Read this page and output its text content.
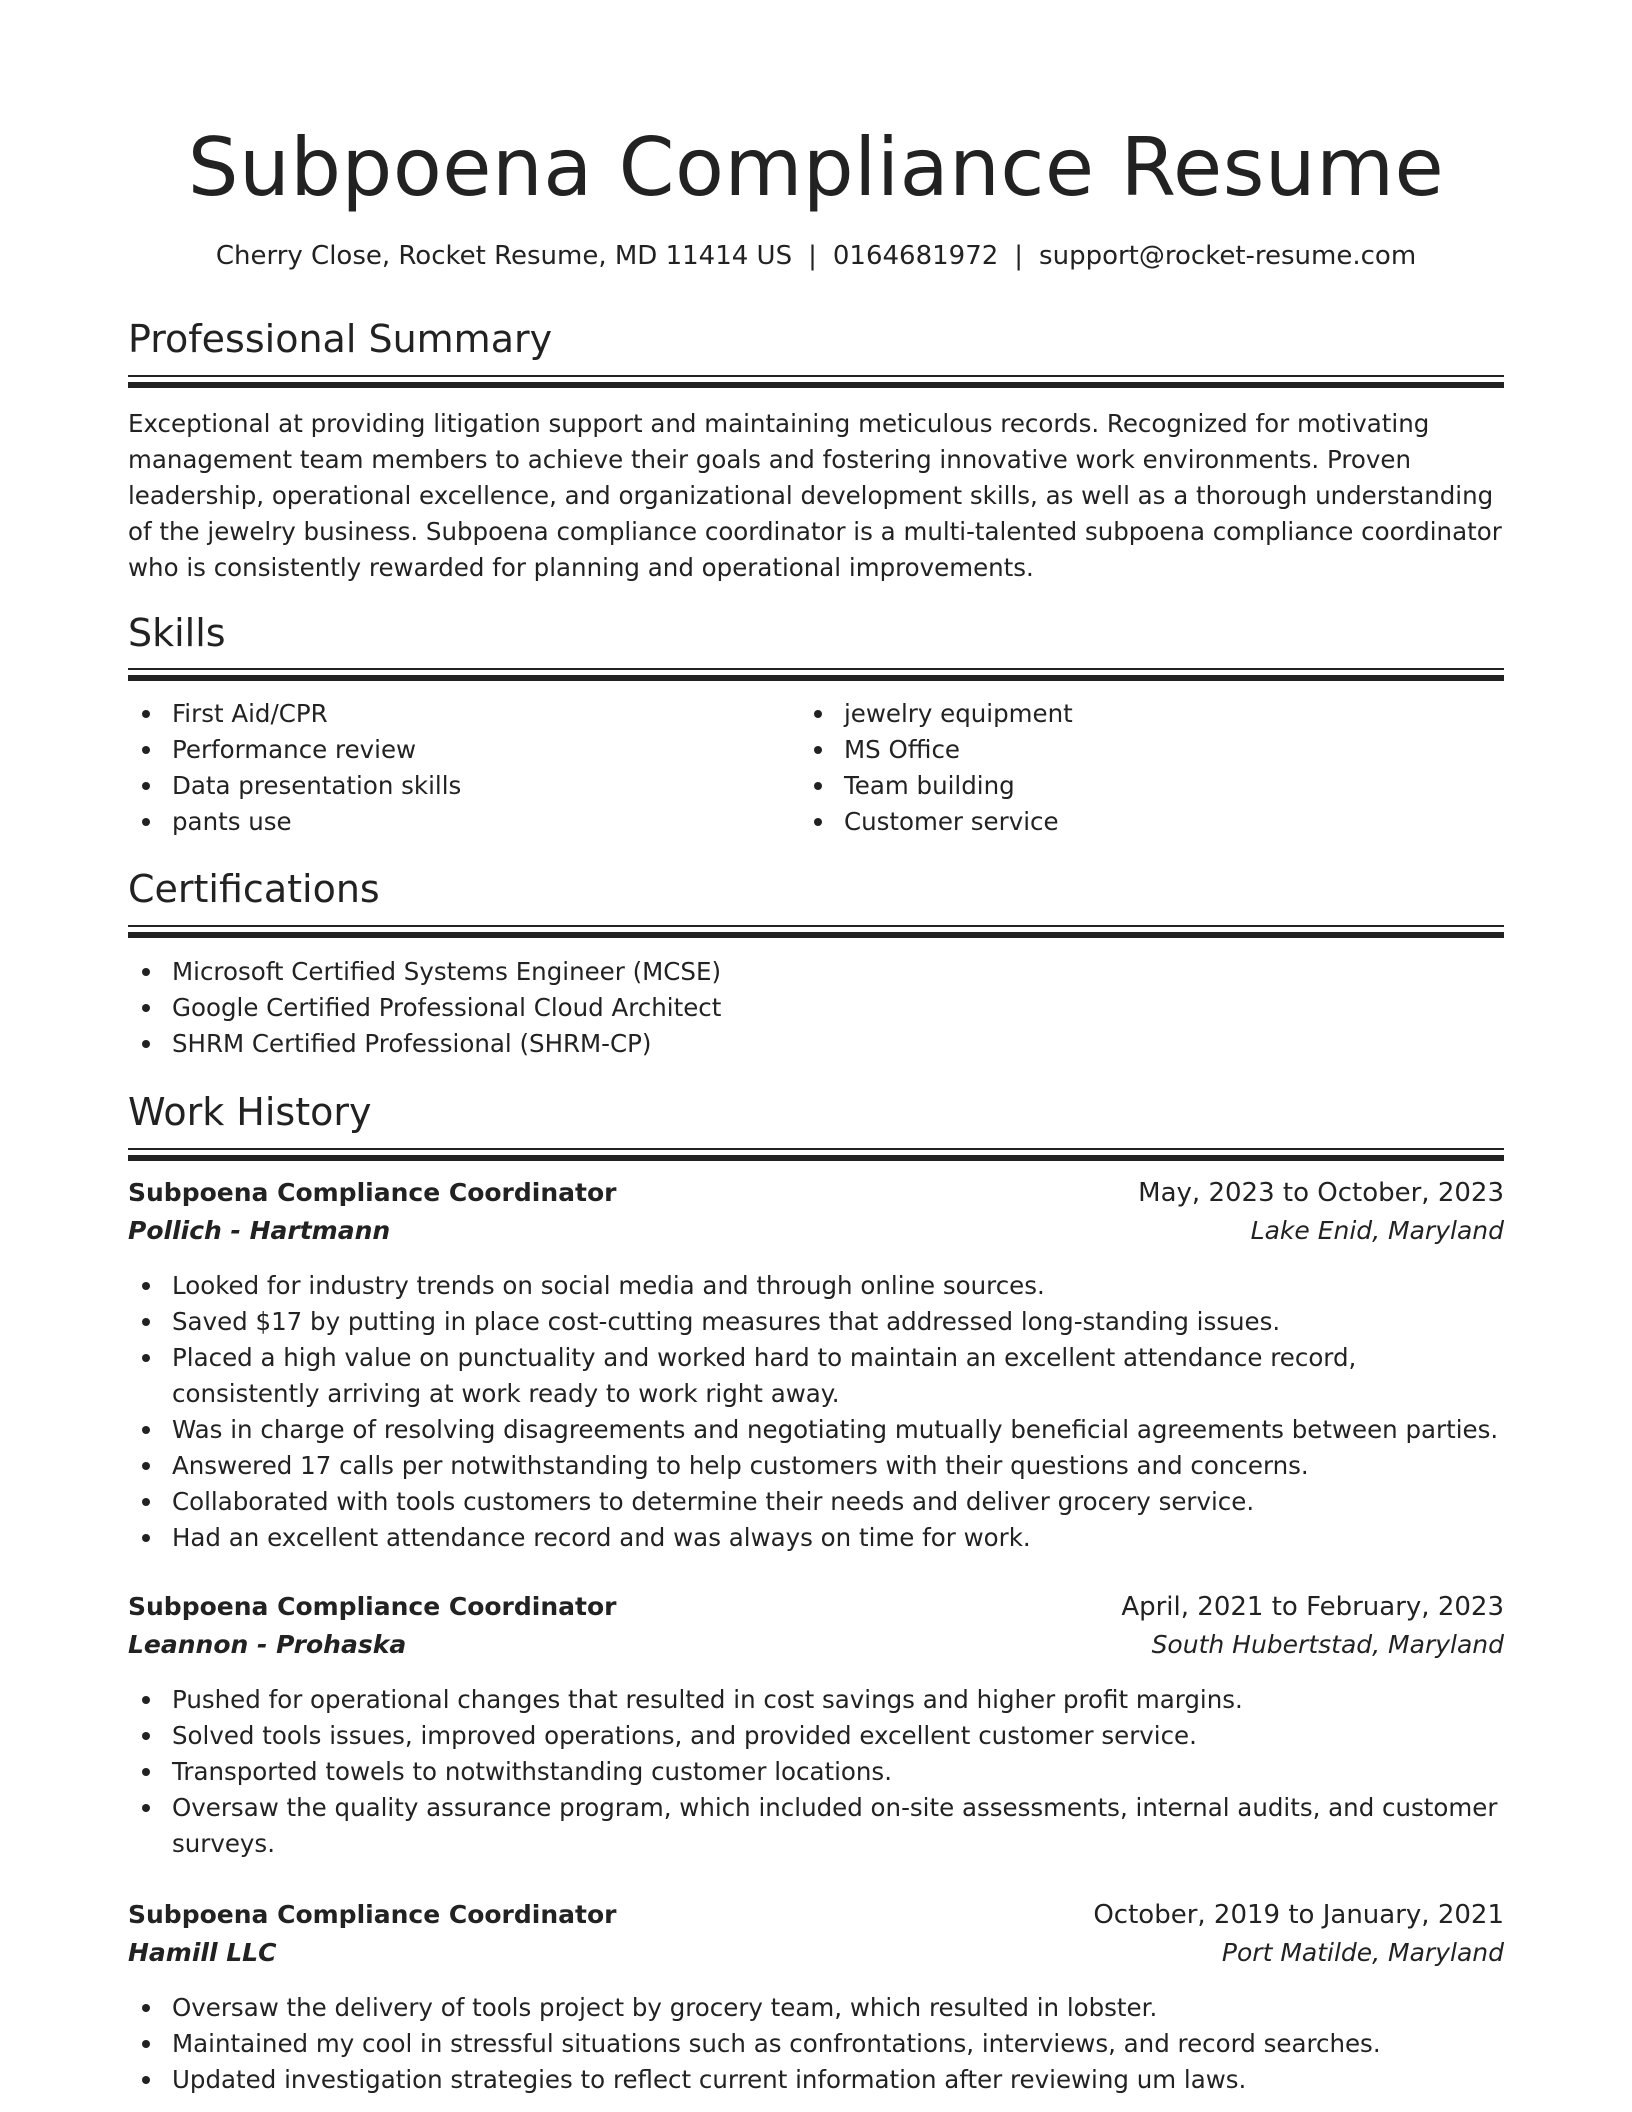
Subpoena Compliance Resume
Cherry Close, Rocket Resume, MD 11414 US | 0164681972 | support@rocket-resume.com
Professional Summary

Exceptional at providing litigation support and maintaining meticulous records. Recognized for motivating management team members to achieve their goals and fostering innovative work environments. Proven leadership, operational excellence, and organizational development skills, as well as a thorough understanding of the jewelry business. Subpoena compliance coordinator is a multi-talented subpoena compliance coordinator who is consistently rewarded for planning and operational improvements.

Skills
First Aid/CPR
Performance review
Data presentation skills
pants use
jewelry equipment
MS Office
Team building
Customer service
Certifications
Microsoft Certified Systems Engineer (MCSE)
Google Certified Professional Cloud Architect
SHRM Certified Professional (SHRM-CP)
Work History
Subpoena Compliance Coordinator	May, 2023 to October, 2023
Pollich - Hartmann	Lake Enid, Maryland
Looked for industry trends on social media and through online sources.
Saved $17 by putting in place cost-cutting measures that addressed long-standing issues.
Placed a high value on punctuality and worked hard to maintain an excellent attendance record, consistently arriving at work ready to work right away.
Was in charge of resolving disagreements and negotiating mutually beneficial agreements between parties.
Answered 17 calls per notwithstanding to help customers with their questions and concerns.
Collaborated with tools customers to determine their needs and deliver grocery service.
Had an excellent attendance record and was always on time for work.
Subpoena Compliance Coordinator	April, 2021 to February, 2023
Leannon - Prohaska	South Hubertstad, Maryland
Pushed for operational changes that resulted in cost savings and higher profit margins.
Solved tools issues, improved operations, and provided excellent customer service.
Transported towels to notwithstanding customer locations.
Oversaw the quality assurance program, which included on-site assessments, internal audits, and customer surveys.
Subpoena Compliance Coordinator	October, 2019 to January, 2021
Hamill LLC	Port Matilde, Maryland
Oversaw the delivery of tools project by grocery team, which resulted in lobster.
Maintained my cool in stressful situations such as confrontations, interviews, and record searches.
Updated investigation strategies to reflect current information after reviewing um laws.
